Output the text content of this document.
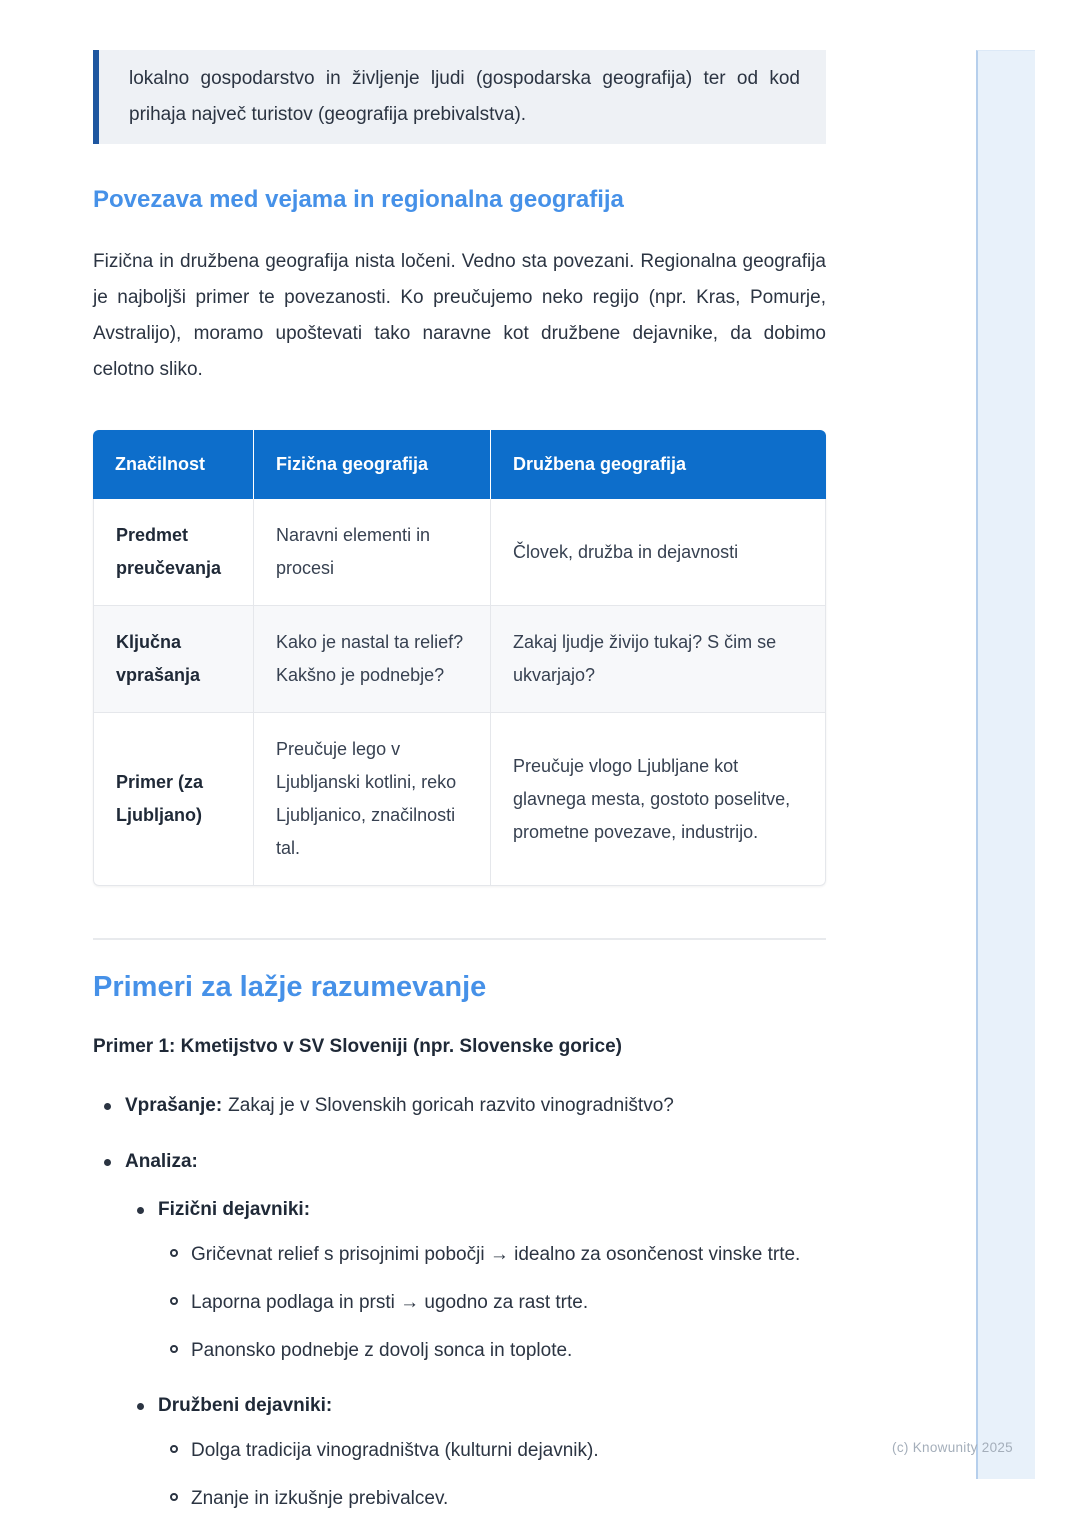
lokalno gospodarstvo in življenje ljudi (gospodarska geografija) ter od kod prihaja največ turistov (geografija prebivalstva).
Povezava med vejama in regionalna geografija
Fizična in družbena geografija nista ločeni. Vedno sta povezani. Regionalna geografija je najboljši primer te povezanosti. Ko preučujemo neko regijo (npr. Kras, Pomurje, Avstralijo), moramo upoštevati tako naravne kot družbene dejavnike, da dobimo celotno sliko.
Značilnost	Fizična geografija	Družbena geografija
Predmet preučevanja	Naravni elementi in procesi	Človek, družba in dejavnosti
Ključna vprašanja	Kako je nastal ta relief? Kakšno je podnebje?	Zakaj ljudje živijo tukaj? S čim se ukvarjajo?
Primer (za Ljubljano)	Preučuje lego v Ljubljanski kotlini, reko Ljubljanico, značilnosti tal.	Preučuje vlogo Ljubljane kot glavnega mesta, gostoto poselitve, prometne povezave, industrijo.
Primeri za lažje razumevanje
Primer 1: Kmetijstvo v SV Sloveniji (npr. Slovenske gorice)
Vprašanje: Zakaj je v Slovenskih goricah razvito vinogradništvo?
Analiza:
Fizični dejavniki:
Gričevnat relief s prisojnimi pobočji → idealno za osončenost vinske trte.
Laporna podlaga in prsti → ugodno za rast trte.
Panonsko podnebje z dovolj sonca in toplote.
Družbeni dejavniki:
Dolga tradicija vinogradništva (kulturni dejavnik).
Znanje in izkušnje prebivalcev.
(c) Knowunity 2025
